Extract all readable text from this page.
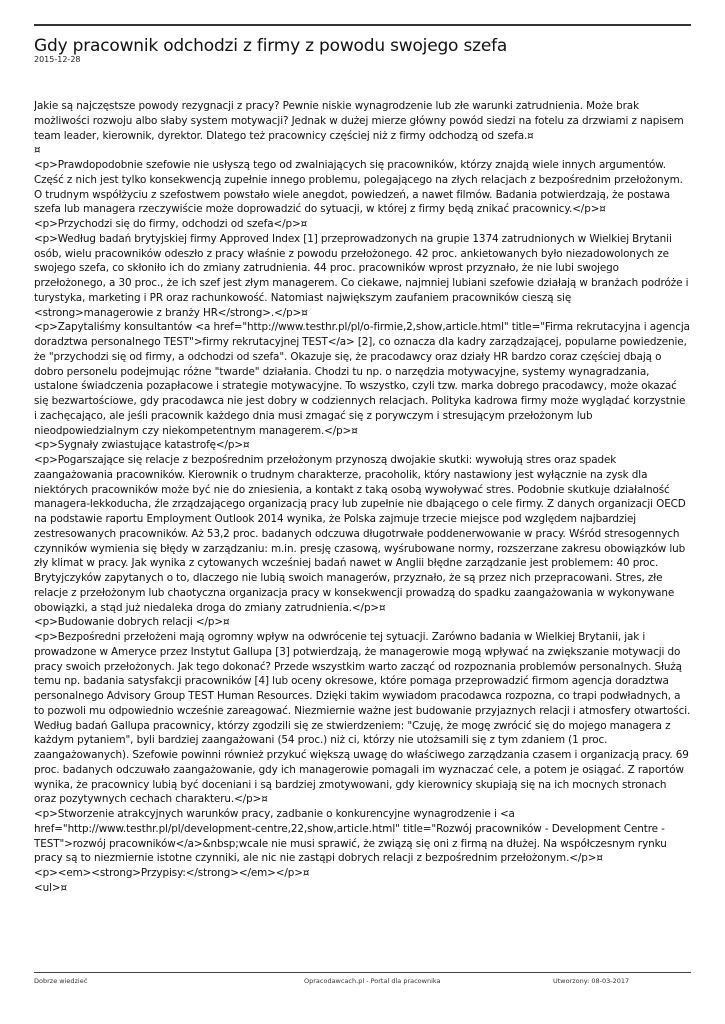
Gdy pracownik odchodzi z firmy z powodu swojego szefa
2015-12-28

Jakie są najczęstsze powody rezygnacji z pracy? Pewnie niskie wynagrodzenie lub złe warunki zatrudnienia. Może brak możliwości rozwoju albo słaby system motywacji? Jednak w dużej mierze główny powód siedzi na fotelu za drzwiami z napisem team leader, kierownik, dyrektor. Dlatego też pracownicy częściej niż z firmy odchodzą od szefa.¤

¤

<p>Prawdopodobnie szefowie nie usłyszą tego od zwalniających się pracowników, którzy znajdą wiele innych argumentów. Część z nich jest tylko konsekwencją zupełnie innego problemu, polegającego na złych relacjach z bezpośrednim przełożonym. O trudnym współżyciu z szefostwem powstało wiele anegdot, powiedzeń, a nawet filmów. Badania potwierdzają, że postawa szefa lub managera rzeczywiście może doprowadzić do sytuacji, w której z firmy będą znikać pracownicy.</p>¤

<p>Przychodzi się do firmy, odchodzi od szefa</p>¤

<p>Według badań brytyjskiej firmy Approved Index [1] przeprowadzonych na grupie 1374 zatrudnionych w Wielkiej Brytanii osób, wielu pracowników odeszło z pracy właśnie z powodu przełożonego. 42 proc. ankietowanych było niezadowolonych ze swojego szefa, co skłoniło ich do zmiany zatrudnienia. 44 proc. pracowników wprost przyznało, że nie lubi swojego przełożonego, a 30 proc., że ich szef jest złym managerem. Co ciekawe, najmniej lubiani szefowie działają w branżach podróże i turystyka, marketing i PR oraz rachunkowość. Natomiast największym zaufaniem pracowników cieszą się <strong>managerowie z branży HR</strong>.</p>¤

<p>Zapytaliśmy konsultantów <a href="http://www.testhr.pl/pl/o-firmie,2,show,article.html" title="Firma rekrutacyjna i agencja doradztwa personalnego TEST">firmy rekrutacyjnej TEST</a> [2], co oznacza dla kadry zarządzającej, popularne powiedzenie, że "przychodzi się od firmy, a odchodzi od szefa". Okazuje się, że pracodawcy oraz działy HR bardzo coraz częściej dbają o dobro personelu podejmując różne "twarde" działania. Chodzi tu np. o narzędzia motywacyjne, systemy wynagradzania, ustalone świadczenia pozapłacowe i strategie motywacyjne. To wszystko, czyli tzw. marka dobrego pracodawcy, może okazać się bezwartościowe, gdy pracodawca nie jest dobry w codziennych relacjach. Polityka kadrowa firmy może wyglądać korzystnie i zachęcająco, ale jeśli pracownik każdego dnia musi zmagać się z porywczym i stresującym przełożonym lub nieodpowiedzialnym czy niekompetentnym managerem.</p>¤

<p>Sygnały zwiastujące katastrofę</p>¤

<p>Pogarszające się relacje z bezpośrednim przełożonym przynoszą dwojakie skutki: wywołują stres oraz spadek zaangażowania pracowników. Kierownik o trudnym charakterze, pracoholik, który nastawiony jest wyłącznie na zysk dla niektórych pracowników może być nie do zniesienia, a kontakt z taką osobą wywoływać stres. Podobnie skutkuje działalność managera-lekkoducha, źle zrządzającego organizacją pracy lub zupełnie nie dbającego o cele firmy. Z danych organizacji OECD na podstawie raportu Employment Outlook 2014 wynika, że Polska zajmuje trzecie miejsce pod względem najbardziej zestresowanych pracowników. Aż 53,2 proc. badanych odczuwa długotrwałe poddenerwowanie w pracy. Wśród stresogennych czynników wymienia się błędy w zarządzaniu: m.in. presję czasową, wyśrubowane normy, rozszerzane zakresu obowiązków lub zły klimat w pracy. Jak wynika z cytowanych wcześniej badań nawet w Anglii błędne zarządzanie jest problemem: 40 proc. Brytyjczyków zapytanych o to, dlaczego nie lubią swoich managerów, przyznało, że są przez nich przepracowani. Stres, złe relacje z przełożonym lub chaotyczna organizacja pracy w konsekwencji prowadzą do spadku zaangażowania w wykonywane obowiązki, a stąd już niedaleka droga do zmiany zatrudnienia.</p>¤

<p>Budowanie dobrych relacji </p>¤

<p>Bezpośredni przełożeni mają ogromny wpływ na odwrócenie tej sytuacji. Zarówno badania w Wielkiej Brytanii, jak i prowadzone w Ameryce przez Instytut Gallupa [3] potwierdzają, że managerowie mogą wpływać na zwiększanie motywacji do pracy swoich przełożonych. Jak tego dokonać? Przede wszystkim warto zacząć od rozpoznania problemów personalnych. Służą temu np. badania satysfakcji pracowników [4] lub oceny okresowe, które pomaga przeprowadzić firmom agencja doradztwa personalnego Advisory Group TEST Human Resources. Dzięki takim wywiadom pracodawca rozpozna, co trapi podwładnych, a to pozwoli mu odpowiednio wcześnie zareagować. Niezmiernie ważne jest budowanie przyjaznych relacji i atmosfery otwartości. Według badań Gallupa pracownicy, którzy zgodzili się ze stwierdzeniem: "Czuję, że mogę zwrócić się do mojego managera z każdym pytaniem", byli bardziej zaangażowani (54 proc.) niż ci, którzy nie utożsamili się z tym zdaniem (1 proc. zaangażowanych). Szefowie powinni również przykuć większą uwagę do właściwego zarządzania czasem i organizacją pracy. 69 proc. badanych odczuwało zaangażowanie, gdy ich managerowie pomagali im wyznaczać cele, a potem je osiągać. Z raportów wynika, że pracownicy lubią być doceniani i są bardziej zmotywowani, gdy kierownicy skupiają się na ich mocnych stronach oraz pozytywnych cechach charakteru.</p>¤

<p>Stworzenie atrakcyjnych warunków pracy, zadbanie o konkurencyjne wynagrodzenie i <a href="http://www.testhr.pl/pl/development-centre,22,show,article.html" title="Rozwój pracowników - Development Centre - TEST">rozwój pracowników</a>&nbsp;wcale nie musi sprawić, że związą się oni z firmą na dłużej. Na współczesnym rynku pracy są to niezmiernie istotne czynniki, ale nic nie zastąpi dobrych relacji z bezpośrednim przełożonym.</p>¤

<p><em><strong>Przypisy:</strong></em></p>¤

<ul>¤

Dobrze wiedzieć	Opracodawcach.pl - Portal dla pracownika	Utworzony: 08-03-2017
